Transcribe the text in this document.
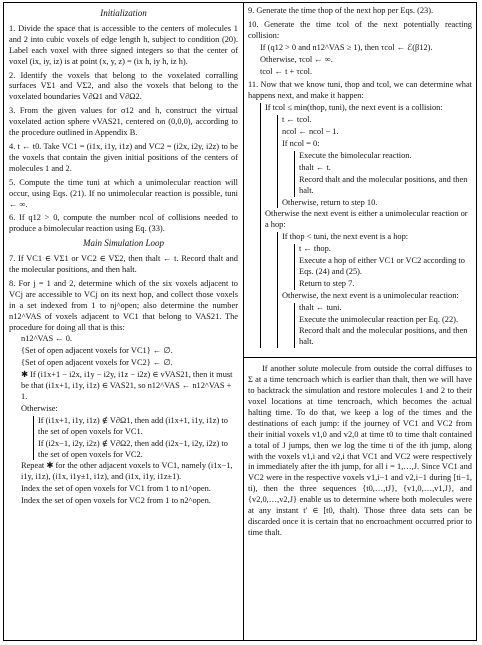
Initialization

1. Divide the space that is accessible to the centers of molecules 1 and 2 into cubic voxels of edge length h, subject to condition (20). Label each voxel with three signed integers so that the center of voxel (ix, iy, iz) is at point (x, y, z) = (ix h, iy h, iz h).

2. Identify the voxels that belong to the voxelated corralling surfaces VΣ1 and VΣ2, and also the voxels that belong to the voxelated boundaries V∂Ω1 and V∂Ω2.

3. From the given values for σ12 and h, construct the virtual voxelated action sphere vVAS21, centered on (0,0,0), according to the procedure outlined in Appendix B.

4. t ← t0. Take VC1 = (i1x, i1y, i1z) and VC2 = (i2x, i2y, i2z) to be the voxels that contain the given initial positions of the centers of molecules 1 and 2.

5. Compute the time tuni at which a unimolecular reaction will occur, using Eqs. (21). If no unimolecular reaction is possible, tuni ← ∞.

6. If q12 > 0, compute the number ncol of collisions needed to produce a bimolecular reaction using Eq. (33).

Main Simulation Loop

7. If VC1 ∈ VΣ1 or VC2 ∈ VΣ2, then thalt ← t. Record thalt and the molecular positions, and then halt.

8. For j = 1 and 2, determine which of the six voxels adjacent to VCj are accessible to VCj on its next hop, and collect those voxels in a set indexed from 1 to nj^open; also determine the number n12^VAS of voxels adjacent to VC1 that belong to VAS21. The procedure for doing all that is this:

n12^VAS ← 0.

{Set of open adjacent voxels for VC1} ← ∅.

{Set of open adjacent voxels for VC2} ← ∅.

✱ If (i1x+1 − i2x, i1y − i2y, i1z − i2z) ∈ vVAS21, then it must be that (i1x+1, i1y, i1z) ∈ VAS21, so n12^VAS ← n12^VAS + 1.

Otherwise:

If (i1x+1, i1y, i1z) ∉ V∂Ω1, then add (i1x+1, i1y, i1z) to the set of open voxels for VC1.

If (i2x−1, i2y, i2z) ∉ V∂Ω2, then add (i2x−1, i2y, i2z) to the set of open voxels for VC2.

Repeat ✱ for the other adjacent voxels to VC1, namely (i1x−1, i1y, i1z), (i1x, i1y±1, i1z), and (i1x, i1y, i1z±1).

Index the set of open voxels for VC1 from 1 to n1^open.

Index the set of open voxels for VC2 from 1 to n2^open.

9. Generate the time thop of the next hop per Eqs. (23).

10. Generate the time tcol of the next potentially reacting collision:

If (q12 > 0 and n12^VAS ≥ 1), then τcol ← ℰ(β12).

Otherwise, τcol ← ∞.

tcol ← t + τcol.

11. Now that we know tuni, thop and tcol, we can determine what happens next, and make it happen:

If tcol ≤ min(thop, tuni), the next event is a collision:

t ← tcol.

ncol ← ncol − 1.

If ncol = 0:

Execute the bimolecular reaction.

thalt ← t.

Record thalt and the molecular positions, and then halt.

Otherwise, return to step 10.

Otherwise the next event is either a unimolecular reaction or a hop:

If thop < tuni, the next event is a hop:

t ← thop.

Execute a hop of either VC1 or VC2 according to Eqs. (24) and (25).

Return to step 7.

Otherwise, the next event is a unimolecular reaction:

thalt ← tuni.

Execute the unimolecular reaction per Eq. (22).

Record thalt and the molecular positions, and then halt.

If another solute molecule from outside the corral diffuses to Σ at a time tencroach which is earlier than thalt, then we will have to backtrack the simulation and restore molecules 1 and 2 to their voxel locations at time tencroach, which becomes the actual halting time. To do that, we keep a log of the times and the destinations of each jump: if the journey of VC1 and VC2 from their initial voxels v1,0 and v2,0 at time t0 to time thalt contained a total of J jumps, then we log the time ti of the ith jump, along with the voxels v1,i and v2,i that VC1 and VC2 were respectively in immediately after the ith jump, for all i = 1,…,J. Since VC1 and VC2 were in the respective voxels v1,i−1 and v2,i−1 during [ti−1, ti), then the three sequences {t0,…,tJ}, {v1,0,…,v1,J}, and {v2,0,…,v2,J} enable us to determine where both molecules were at any instant t′ ∈ [t0, thalt). Those three data sets can be discarded once it is certain that no encroachment occurred prior to time thalt.
